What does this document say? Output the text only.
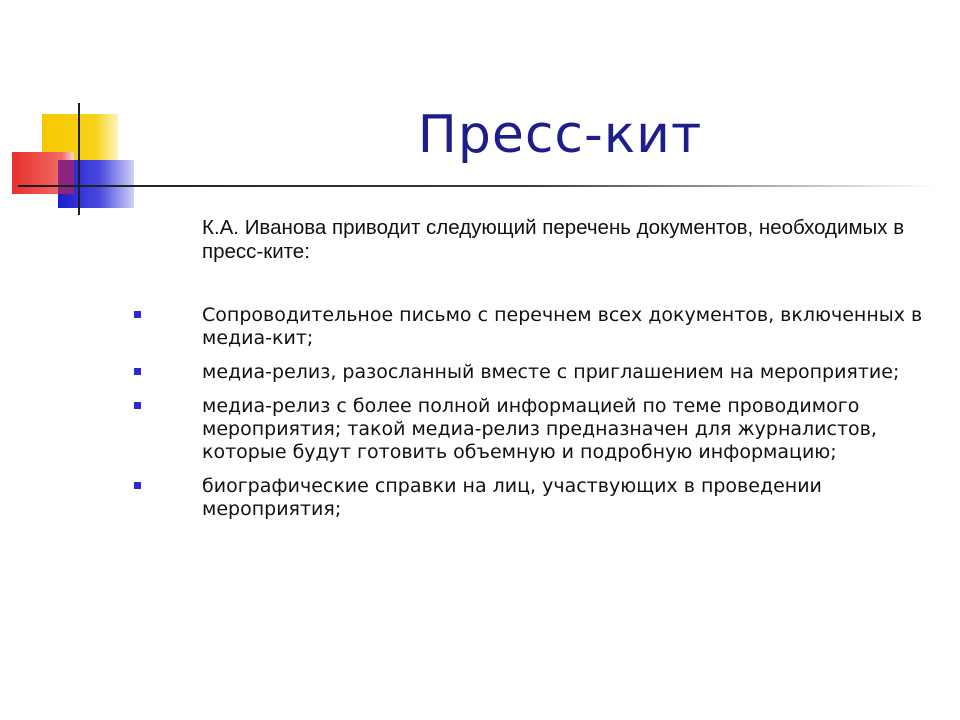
Пресс-кит

К.А. Иванова приводит следующий перечень документов, необходимых в пресс-ките:

Сопроводительное письмо с перечнем всех документов, включенных в медиа-кит;
медиа-релиз, разосланный вместе с приглашением на мероприятие;
медиа-релиз с более полной информацией по теме проводимого мероприятия; такой медиа-релиз предназначен для журналистов, которые будут готовить объемную и подробную информацию;
биографические справки на лиц, участвующих в проведении мероприятия;
